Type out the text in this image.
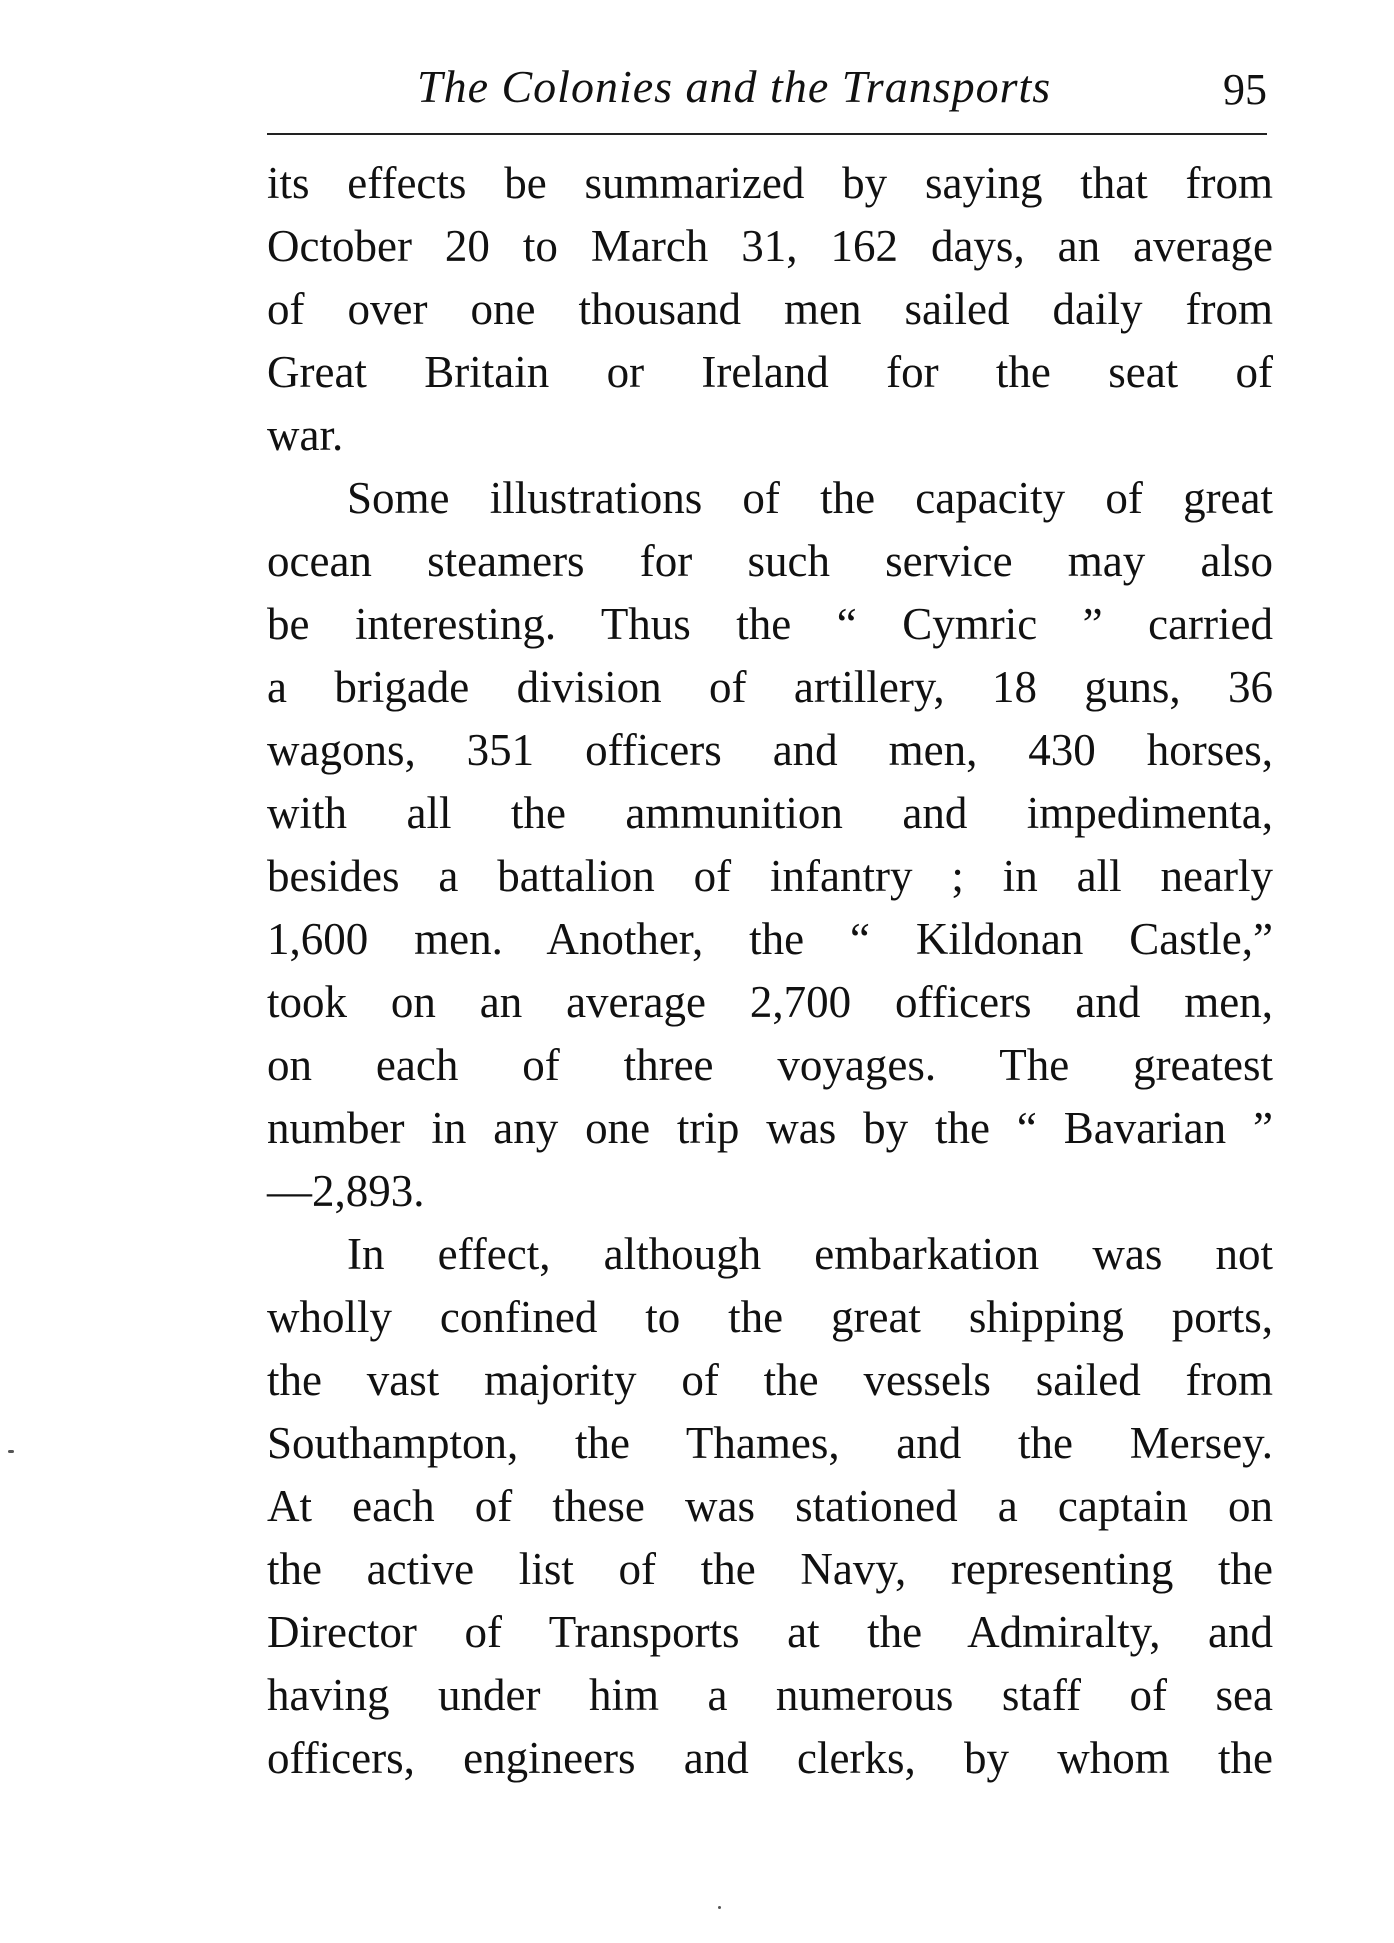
The Colonies and the Transports	95
its effects be summarized by saying that from
October 20 to March 31, 162 days, an average
of over one thousand men sailed daily from
Great Britain or Ireland for the seat of
war.
Some illustrations of the capacity of great
ocean steamers for such service may also
be interesting. Thus the “ Cymric ” carried
a brigade division of artillery, 18 guns, 36
wagons, 351 officers and men, 430 horses,
with all the ammunition and impedimenta,
besides a battalion of infantry ; in all nearly
1,600 men. Another, the “ Kildonan Castle,”
took on an average 2,700 officers and men,
on each of three voyages. The greatest
number in any one trip was by the “ Bavarian ”
—2,893.
In effect, although embarkation was not
wholly confined to the great shipping ports,
the vast majority of the vessels sailed from
Southampton, the Thames, and the Mersey.
At each of these was stationed a captain on
the active list of the Navy, representing the
Director of Transports at the Admiralty, and
having under him a numerous staff of sea
officers, engineers and clerks, by whom the
